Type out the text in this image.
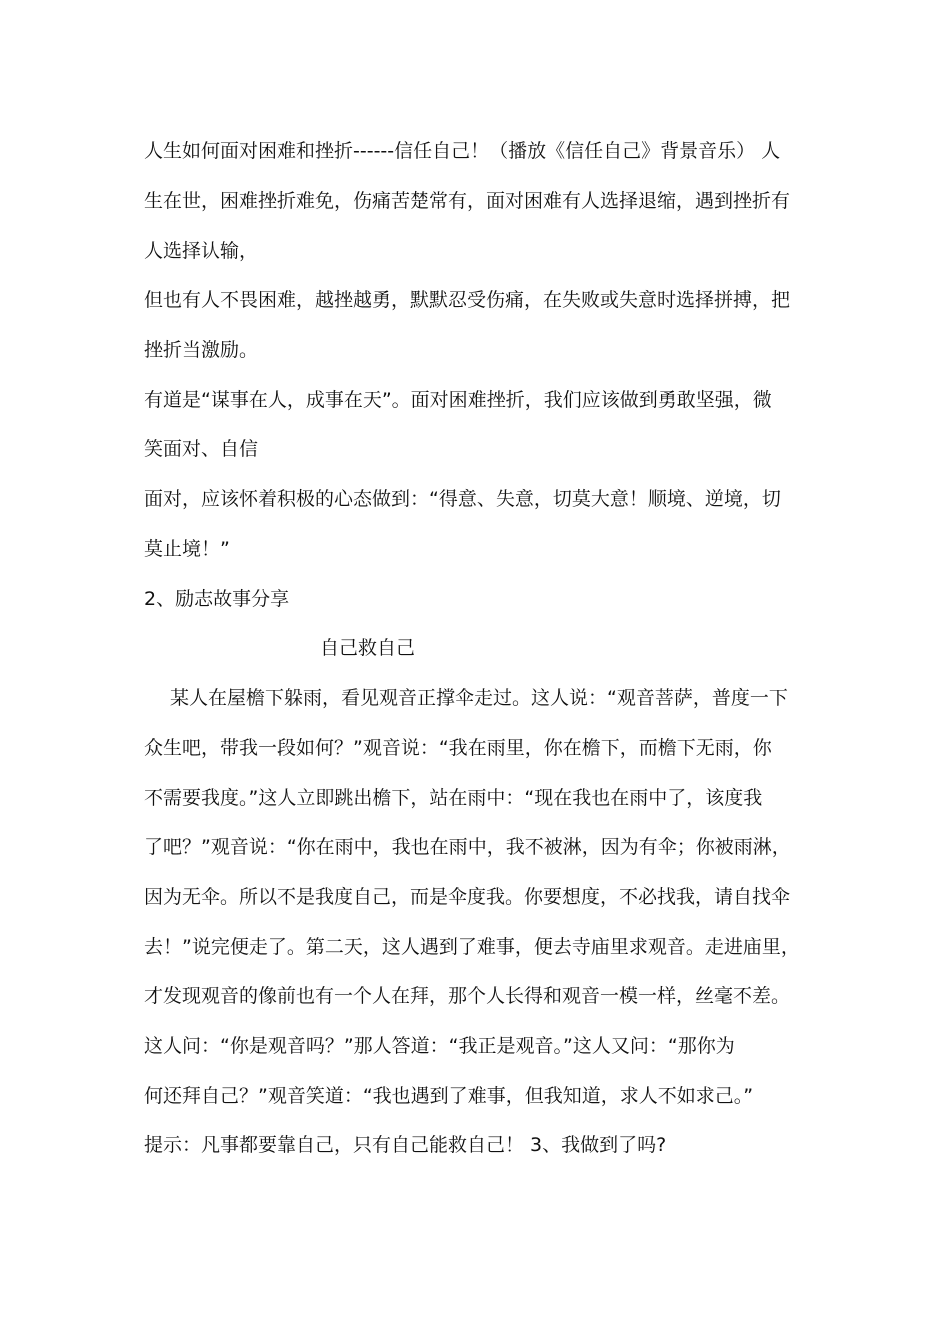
人生如何面对困难和挫折------信任自己！（播放《信任自己》背景音乐） 人
生在世，困难挫折难免，伤痛苦楚常有，面对困难有人选择退缩，遇到挫折有
人选择认输，
但也有人不畏困难，越挫越勇，默默忍受伤痛，在失败或失意时选择拼搏，把
挫折当激励。
有道是“谋事在人，成事在天”。面对困难挫折，我们应该做到勇敢坚强，微
笑面对、自信
面对，应该怀着积极的心态做到：“得意、失意，切莫大意！顺境、逆境，切
莫止境！”
2、励志故事分享
自己救自己
某人在屋檐下躲雨，看见观音正撑伞走过。这人说：“观音菩萨，普度一下
众生吧，带我一段如何？”观音说：“我在雨里，你在檐下，而檐下无雨，你
不需要我度。”这人立即跳出檐下，站在雨中：“现在我也在雨中了，该度我
了吧？”观音说：“你在雨中，我也在雨中，我不被淋，因为有伞；你被雨淋，
因为无伞。所以不是我度自己，而是伞度我。你要想度，不必找我，请自找伞
去！”说完便走了。第二天，这人遇到了难事，便去寺庙里求观音。走进庙里，
才发现观音的像前也有一个人在拜，那个人长得和观音一模一样，丝毫不差。
这人问：“你是观音吗？”那人答道：“我正是观音。”这人又问：“那你为
何还拜自己？”观音笑道：“我也遇到了难事，但我知道，求人不如求己。”
提示：凡事都要靠自己，只有自己能救自己！ 3、我做到了吗?
